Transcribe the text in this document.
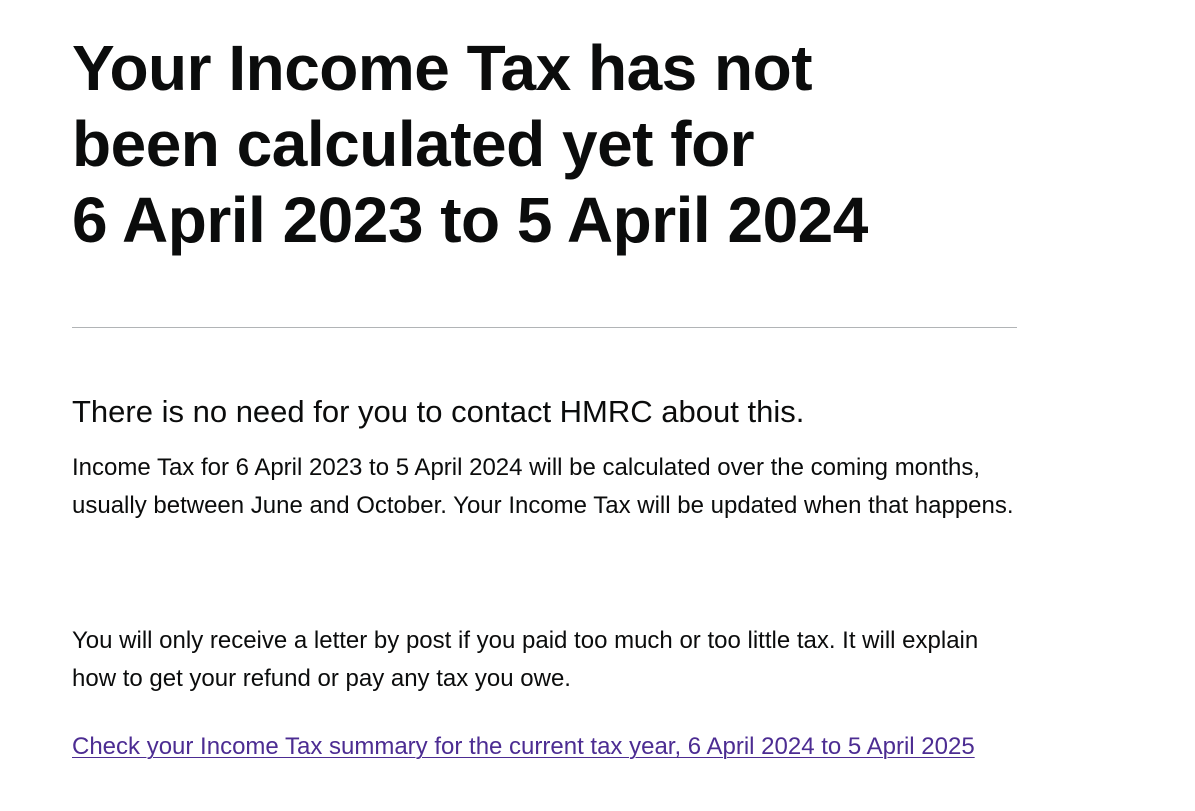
Your Income Tax has not
been calculated yet for
6 April 2023 to 5 April 2024

There is no need for you to contact HMRC about this.

Income Tax for 6 April 2023 to 5 April 2024 will be calculated over the coming months, usually between June and October. Your Income Tax will be updated when that happens.

You will only receive a letter by post if you paid too much or too little tax. It will explain how to get your refund or pay any tax you owe.

Check your Income Tax summary for the current tax year, 6 April 2024 to 5 April 2025
